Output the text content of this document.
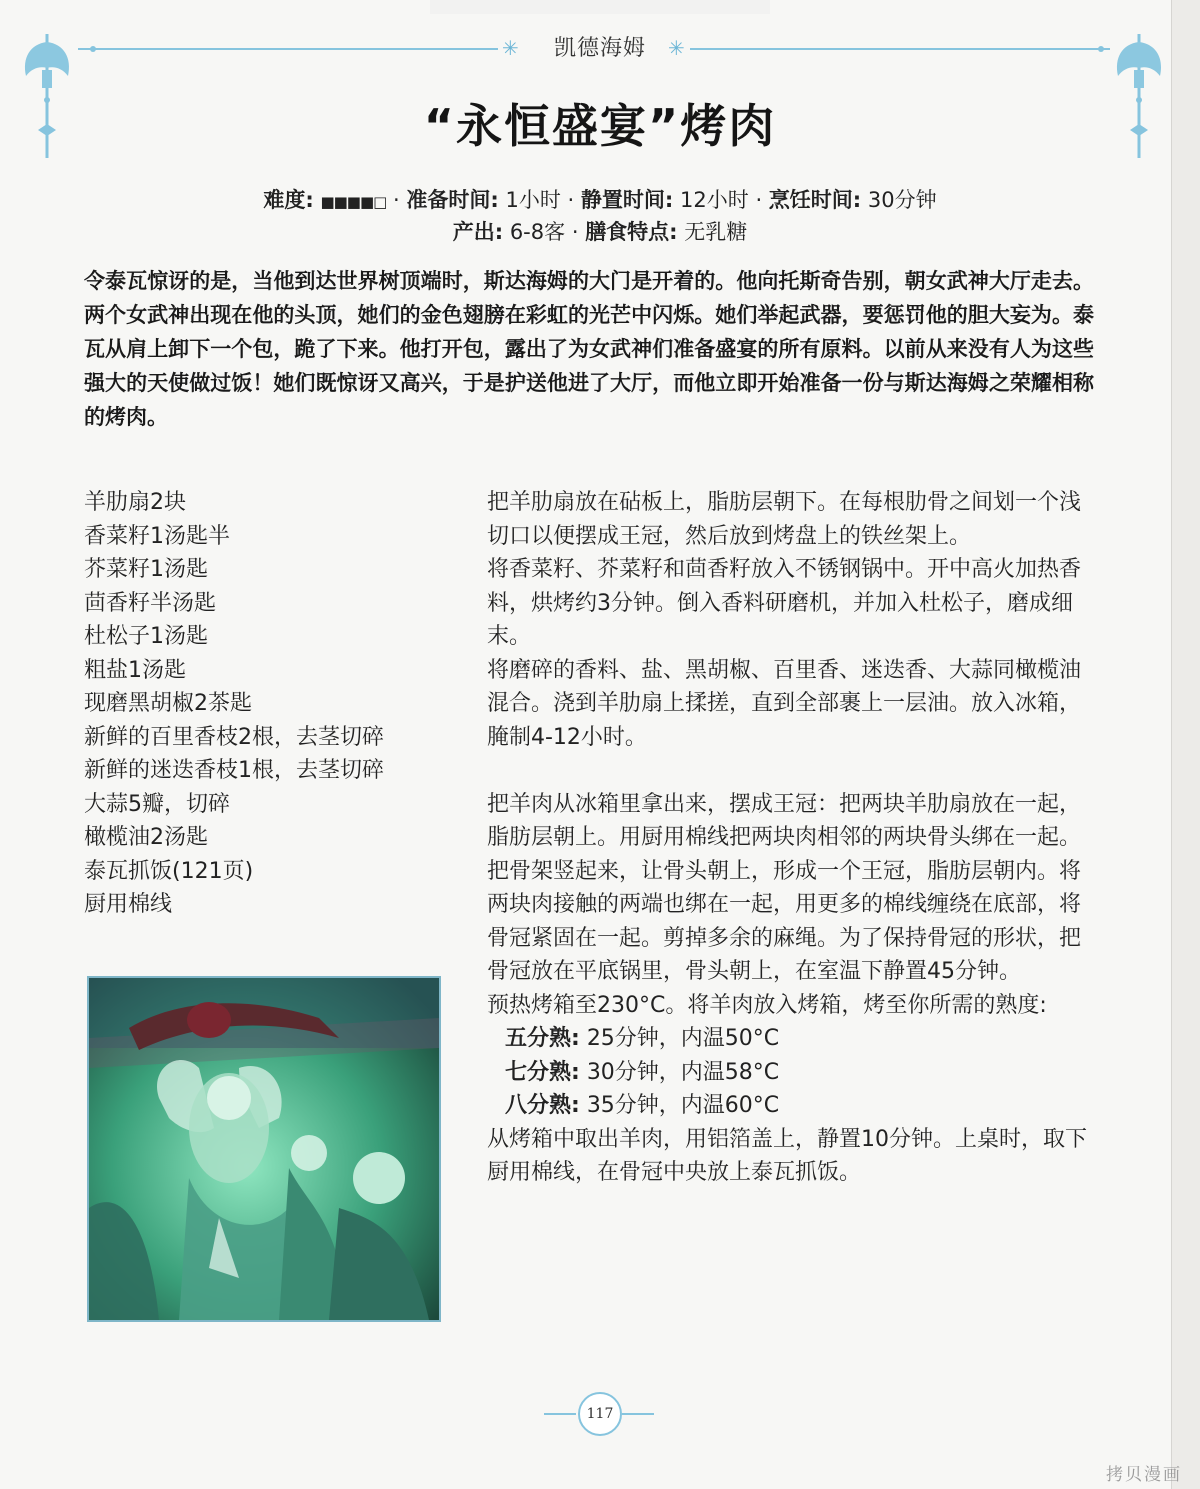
✳	✳
凯德海姆
“永恒盛宴”烤肉
难度: ■■■■□ · 准备时间: 1小时 · 静置时间: 12小时 · 烹饪时间: 30分钟
产出: 6-8客 · 膳食特点: 无乳糖
令泰瓦惊讶的是，当他到达世界树顶端时，斯达海姆的大门是开着的。他向托斯奇告别，朝女武神大厅走去。两个女武神出现在他的头顶，她们的金色翅膀在彩虹的光芒中闪烁。她们举起武器，要惩罚他的胆大妄为。泰瓦从肩上卸下一个包，跪了下来。他打开包，露出了为女武神们准备盛宴的所有原料。以前从来没有人为这些强大的天使做过饭！她们既惊讶又高兴，于是护送他进了大厅，而他立即开始准备一份与斯达海姆之荣耀相称的烤肉。
羊肋扇2块
香菜籽1汤匙半
芥菜籽1汤匙
茴香籽半汤匙
杜松子1汤匙
粗盐1汤匙
现磨黑胡椒2茶匙
新鲜的百里香枝2根，去茎切碎
新鲜的迷迭香枝1根，去茎切碎
大蒜5瓣，切碎
橄榄油2汤匙
泰瓦抓饭(121页)
厨用棉线

把羊肋扇放在砧板上，脂肪层朝下。在每根肋骨之间划一个浅切口以便摆成王冠，然后放到烤盘上的铁丝架上。

将香菜籽、芥菜籽和茴香籽放入不锈钢锅中。开中高火加热香料，烘烤约3分钟。倒入香料研磨机，并加入杜松子，磨成细末。

将磨碎的香料、盐、黑胡椒、百里香、迷迭香、大蒜同橄榄油混合。浇到羊肋扇上揉搓，直到全部裹上一层油。放入冰箱，腌制4-12小时。

把羊肉从冰箱里拿出来，摆成王冠：把两块羊肋扇放在一起，脂肪层朝上。用厨用棉线把两块肉相邻的两块骨头绑在一起。把骨架竖起来，让骨头朝上，形成一个王冠，脂肪层朝内。将两块肉接触的两端也绑在一起，用更多的棉线缠绕在底部，将骨冠紧固在一起。剪掉多余的麻绳。为了保持骨冠的形状，把骨冠放在平底锅里，骨头朝上，在室温下静置45分钟。

预热烤箱至230°C。将羊肉放入烤箱，烤至你所需的熟度:

五分熟: 25分钟，内温50°C

七分熟: 30分钟，内温58°C

八分熟: 35分钟，内温60°C

从烤箱中取出羊肉，用铝箔盖上，静置10分钟。上桌时，取下厨用棉线，在骨冠中央放上泰瓦抓饭。

117
拷贝漫画
